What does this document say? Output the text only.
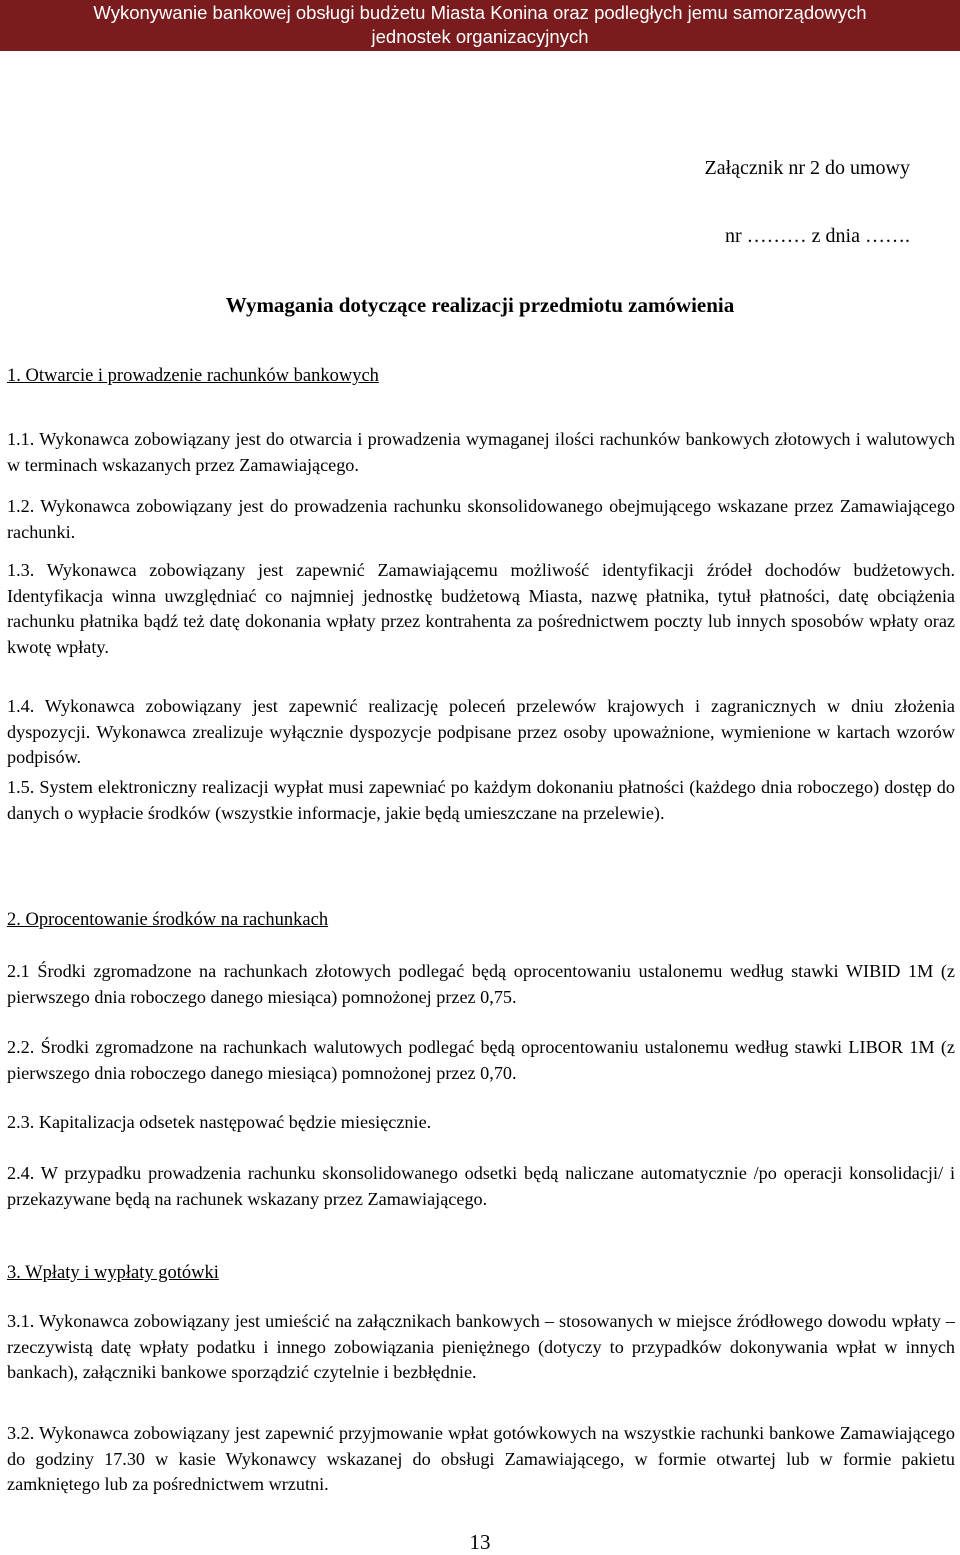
Wykonywanie bankowej obsługi budżetu Miasta Konina oraz podległych jemu samorządowych
jednostek organizacyjnych
Załącznik nr 2 do umowy
nr ……… z dnia …….
Wymagania dotyczące realizacji przedmiotu zamówienia
1. Otwarcie i prowadzenie rachunków bankowych

1.1. Wykonawca zobowiązany jest do otwarcia i prowadzenia wymaganej ilości rachunków bankowych złotowych i walutowych w terminach wskazanych przez Zamawiającego.

1.2. Wykonawca zobowiązany jest do prowadzenia rachunku skonsolidowanego obejmującego wskazane przez Zamawiającego rachunki.

1.3. Wykonawca zobowiązany jest zapewnić Zamawiającemu możliwość identyfikacji źródeł dochodów budżetowych. Identyfikacja winna uwzględniać co najmniej jednostkę budżetową Miasta, nazwę płatnika, tytuł płatności, datę obciążenia rachunku płatnika bądź też datę dokonania wpłaty przez kontrahenta za pośrednictwem poczty lub innych sposobów wpłaty oraz kwotę wpłaty.

1.4. Wykonawca zobowiązany jest zapewnić realizację poleceń przelewów krajowych i zagranicznych w dniu złożenia dyspozycji. Wykonawca zrealizuje wyłącznie dyspozycje podpisane przez osoby upoważnione, wymienione w kartach wzorów podpisów.

1.5. System elektroniczny realizacji wypłat musi zapewniać po każdym dokonaniu płatności (każdego dnia roboczego) dostęp do danych o wypłacie środków (wszystkie informacje, jakie będą umieszczane na przelewie).

2. Oprocentowanie środków na rachunkach

2.1 Środki zgromadzone na rachunkach złotowych podlegać będą oprocentowaniu ustalonemu według stawki WIBID 1M (z pierwszego dnia roboczego danego miesiąca) pomnożonej przez 0,75.

2.2. Środki zgromadzone na rachunkach walutowych podlegać będą oprocentowaniu ustalonemu według stawki LIBOR 1M (z pierwszego dnia roboczego danego miesiąca) pomnożonej przez 0,70.

2.3. Kapitalizacja odsetek następować będzie miesięcznie.

2.4. W przypadku prowadzenia rachunku skonsolidowanego odsetki będą naliczane automatycznie /po operacji konsolidacji/ i przekazywane będą na rachunek wskazany przez Zamawiającego.

3. Wpłaty i wypłaty gotówki

3.1. Wykonawca zobowiązany jest umieścić na załącznikach bankowych – stosowanych w miejsce źródłowego dowodu wpłaty – rzeczywistą datę wpłaty podatku i innego zobowiązania pieniężnego (dotyczy to przypadków dokonywania wpłat w innych bankach), załączniki bankowe sporządzić czytelnie i bezbłędnie.

3.2. Wykonawca zobowiązany jest zapewnić przyjmowanie wpłat gotówkowych na wszystkie rachunki bankowe Zamawiającego do godziny 17.30 w kasie Wykonawcy wskazanej do obsługi Zamawiającego, w formie otwartej lub w formie pakietu zamkniętego lub za pośrednictwem wrzutni.

13
